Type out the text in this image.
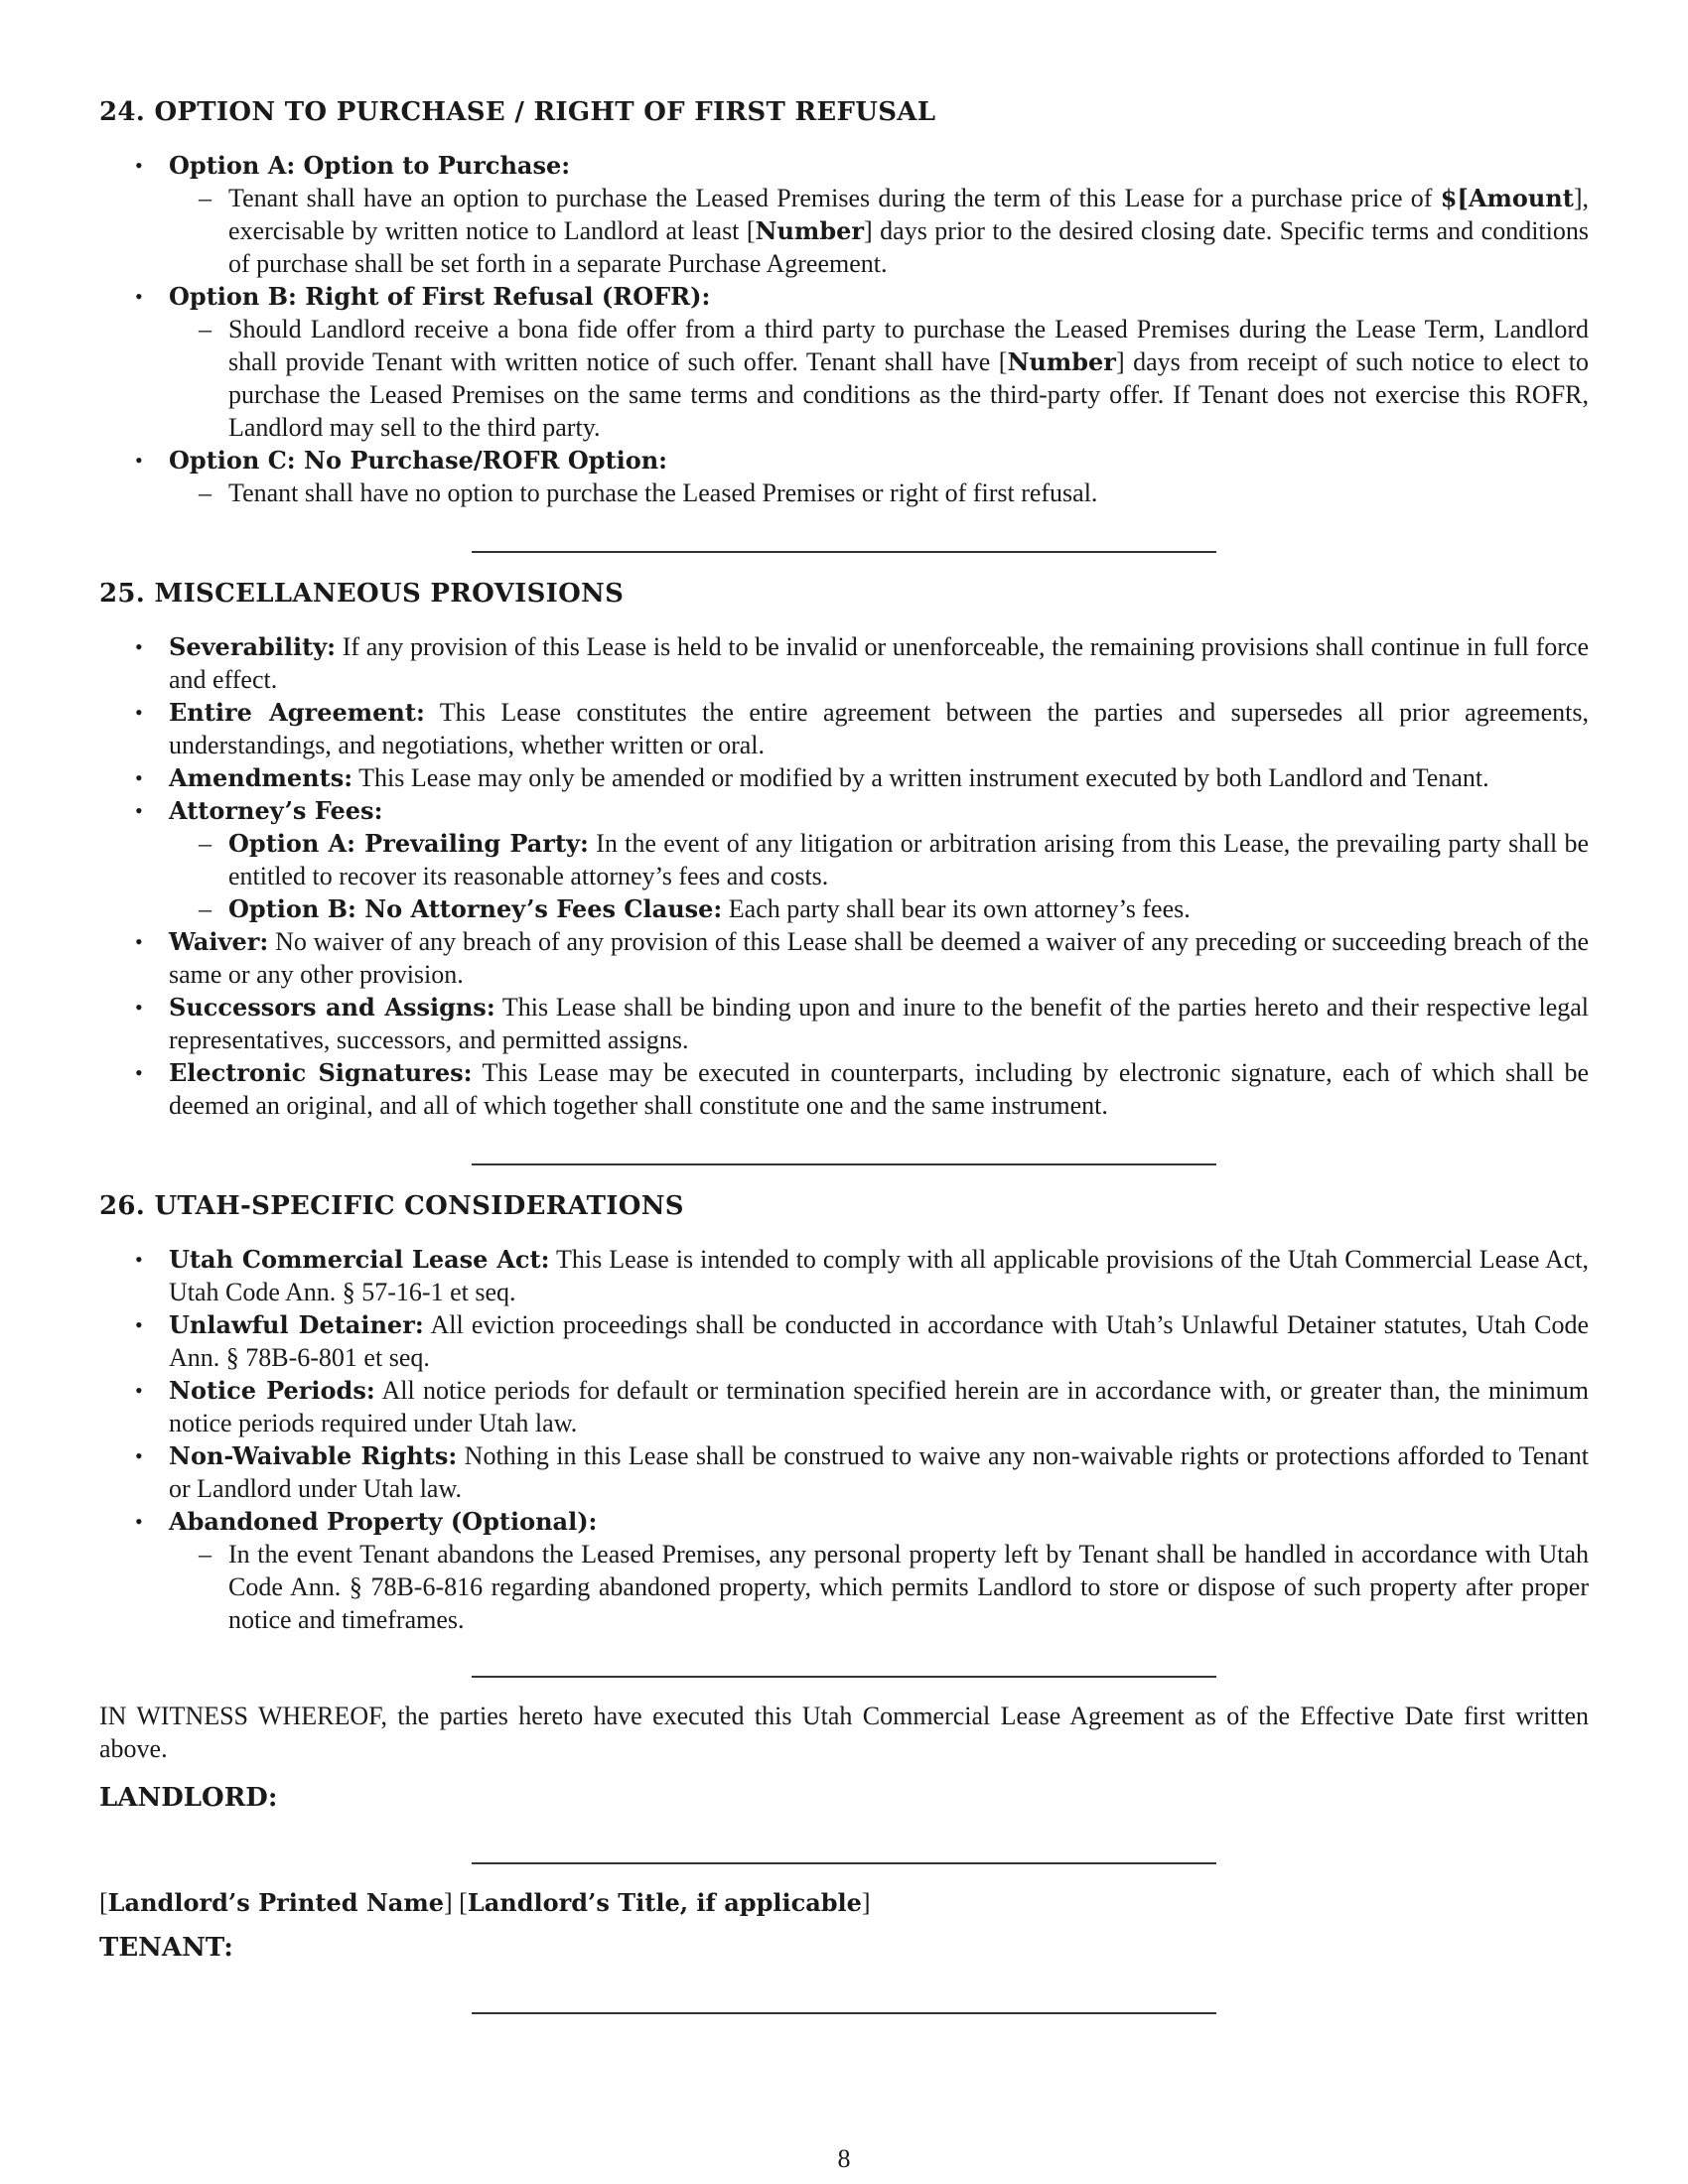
24. OPTION TO PURCHASE / RIGHT OF FIRST REFUSAL
• Option A: Option to Purchase:
– Tenant shall have an option to purchase the Leased Premises during the term of this Lease for a purchase price of $[Amount], exercisable by written notice to Landlord at least [Number] days prior to the desired closing date. Specific terms and conditions of purchase shall be set forth in a separate Purchase Agreement.
• Option B: Right of First Refusal (ROFR):
– Should Landlord receive a bona fide offer from a third party to purchase the Leased Premises during the Lease Term, Landlord shall provide Tenant with written notice of such offer. Tenant shall have [Number] days from receipt of such notice to elect to purchase the Leased Premises on the same terms and conditions as the third-party offer. If Tenant does not exercise this ROFR, Landlord may sell to the third party.
• Option C: No Purchase/ROFR Option:
– Tenant shall have no option to purchase the Leased Premises or right of first refusal.
25. MISCELLANEOUS PROVISIONS
• Severability: If any provision of this Lease is held to be invalid or unenforceable, the remaining provisions shall continue in full force and effect.
• Entire Agreement: This Lease constitutes the entire agreement between the parties and supersedes all prior agreements, understandings, and negotiations, whether written or oral.
• Amendments: This Lease may only be amended or modified by a written instrument executed by both Landlord and Tenant.
• Attorney’s Fees:
– Option A: Prevailing Party: In the event of any litigation or arbitration arising from this Lease, the prevailing party shall be entitled to recover its reasonable attorney’s fees and costs.
– Option B: No Attorney’s Fees Clause: Each party shall bear its own attorney’s fees.
• Waiver: No waiver of any breach of any provision of this Lease shall be deemed a waiver of any preceding or succeeding breach of the same or any other provision.
• Successors and Assigns: This Lease shall be binding upon and inure to the benefit of the parties hereto and their respective legal representatives, successors, and permitted assigns.
• Electronic Signatures: This Lease may be executed in counterparts, including by electronic signature, each of which shall be deemed an original, and all of which together shall constitute one and the same instrument.
26. UTAH-SPECIFIC CONSIDERATIONS
• Utah Commercial Lease Act: This Lease is intended to comply with all applicable provisions of the Utah Commercial Lease Act, Utah Code Ann. § 57-16-1 et seq.
• Unlawful Detainer: All eviction proceedings shall be conducted in accordance with Utah’s Unlawful Detainer statutes, Utah Code Ann. § 78B-6-801 et seq.
• Notice Periods: All notice periods for default or termination specified herein are in accordance with, or greater than, the minimum notice periods required under Utah law.
• Non-Waivable Rights: Nothing in this Lease shall be construed to waive any non-waivable rights or protections afforded to Tenant or Landlord under Utah law.
• Abandoned Property (Optional):
– In the event Tenant abandons the Leased Premises, any personal property left by Tenant shall be handled in accordance with Utah Code Ann. § 78B-6-816 regarding abandoned property, which permits Landlord to store or dispose of such property after proper notice and timeframes.
IN WITNESS WHEREOF, the parties hereto have executed this Utah Commercial Lease Agreement as of the Effective Date first written above.
LANDLORD:
[Landlord’s Printed Name] [Landlord’s Title, if applicable]
TENANT:
8
